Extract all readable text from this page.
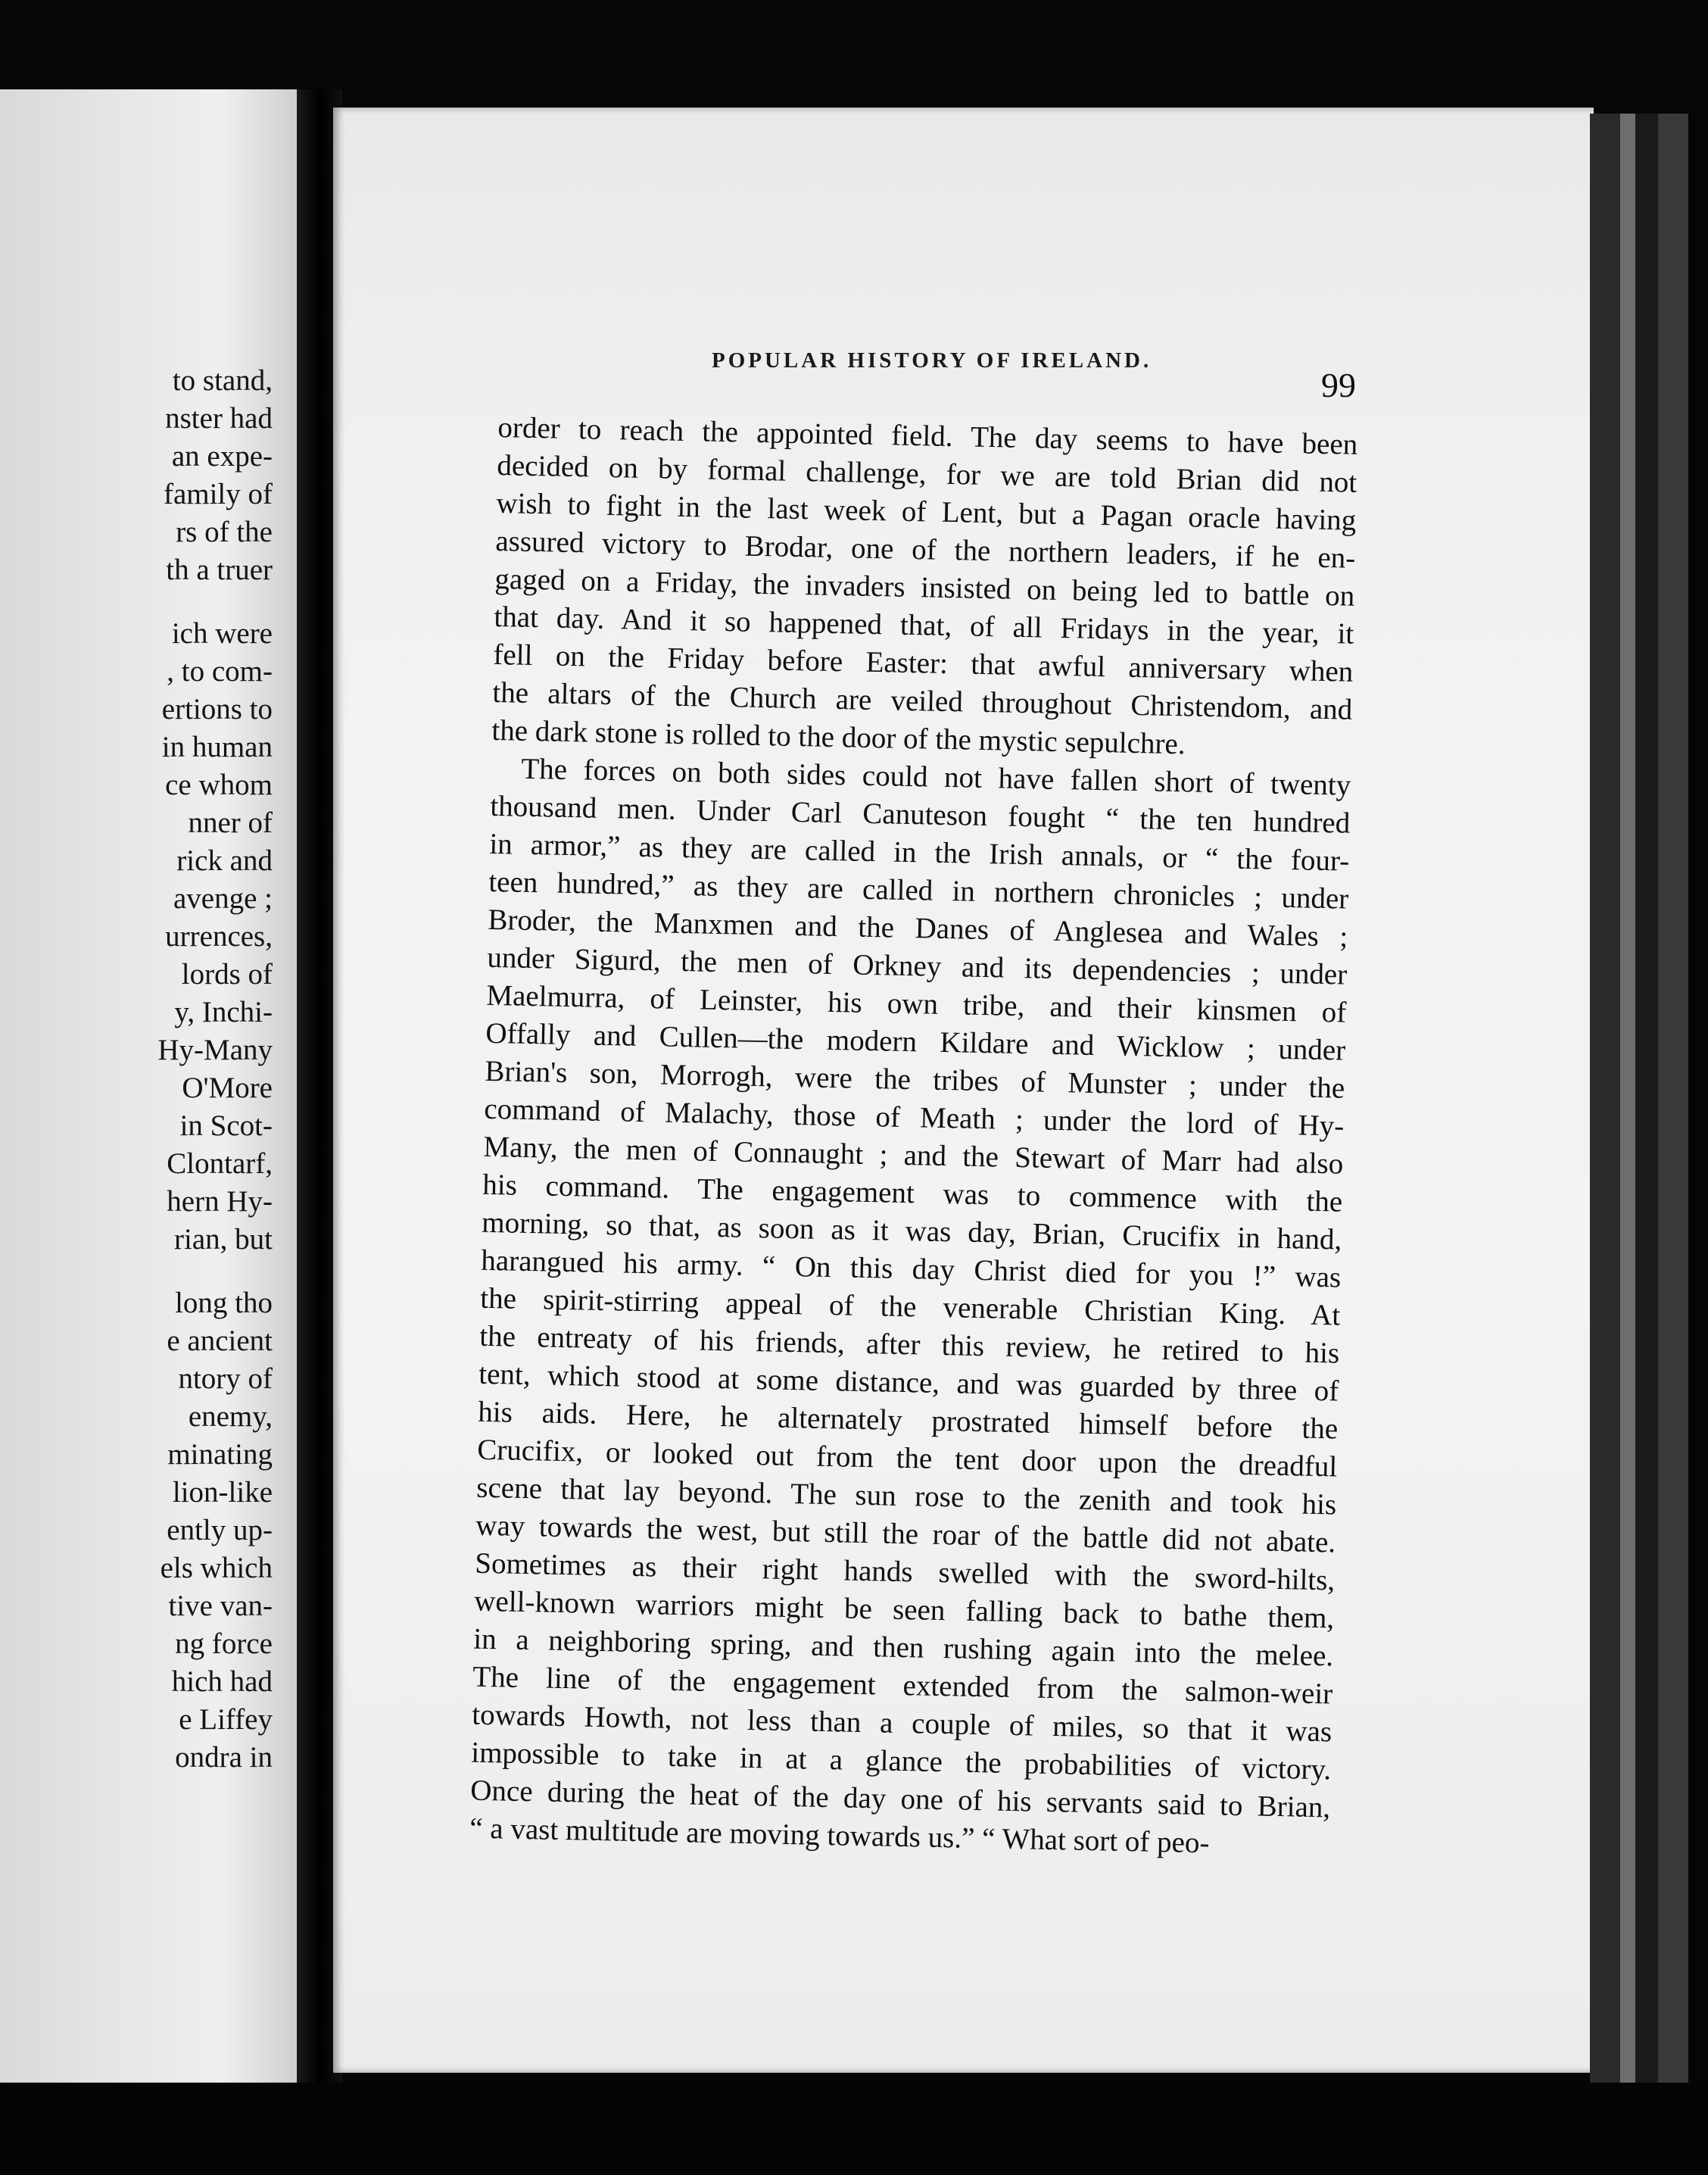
to stand,
nster had
an expe-
family of
rs of the
th a truer
ich were
, to com-
ertions to
in human
ce whom
nner of
rick and
avenge ;
urrences,
lords of
y, Inchi-
Hy-Many
O'More
in Scot-
Clontarf,
hern Hy-
rian, but
long tho
e ancient
ntory of
enemy,
minating
lion-like
ently up-
els which
tive van-
ng force
hich had
e Liffey
ondra in
POPULAR HISTORY OF IRELAND.
99
order to reach the appointed field. The day seems to have been
decided on by formal challenge, for we are told Brian did not
wish to fight in the last week of Lent, but a Pagan oracle having
assured victory to Brodar, one of the northern leaders, if he en-
gaged on a Friday, the invaders insisted on being led to battle on
that day. And it so happened that, of all Fridays in the year, it
fell on the Friday before Easter: that awful anniversary when
the altars of the Church are veiled throughout Christendom, and
the dark stone is rolled to the door of the mystic sepulchre.
The forces on both sides could not have fallen short of twenty
thousand men. Under Carl Canuteson fought “ the ten hundred
in armor,” as they are called in the Irish annals, or “ the four-
teen hundred,” as they are called in northern chronicles ; under
Broder, the Manxmen and the Danes of Anglesea and Wales ;
under Sigurd, the men of Orkney and its dependencies ; under
Maelmurra, of Leinster, his own tribe, and their kinsmen of
Offally and Cullen—the modern Kildare and Wicklow ; under
Brian's son, Morrogh, were the tribes of Munster ; under the
command of Malachy, those of Meath ; under the lord of Hy-
Many, the men of Connaught ; and the Stewart of Marr had also
his command. The engagement was to commence with the
morning, so that, as soon as it was day, Brian, Crucifix in hand,
harangued his army. “ On this day Christ died for you !” was
the spirit-stirring appeal of the venerable Christian King. At
the entreaty of his friends, after this review, he retired to his
tent, which stood at some distance, and was guarded by three of
his aids. Here, he alternately prostrated himself before the
Crucifix, or looked out from the tent door upon the dreadful
scene that lay beyond. The sun rose to the zenith and took his
way towards the west, but still the roar of the battle did not abate.
Sometimes as their right hands swelled with the sword-hilts,
well-known warriors might be seen falling back to bathe them,
in a neighboring spring, and then rushing again into the melee.
The line of the engagement extended from the salmon-weir
towards Howth, not less than a couple of miles, so that it was
impossible to take in at a glance the probabilities of victory.
Once during the heat of the day one of his servants said to Brian,
“ a vast multitude are moving towards us.” “ What sort of peo-
